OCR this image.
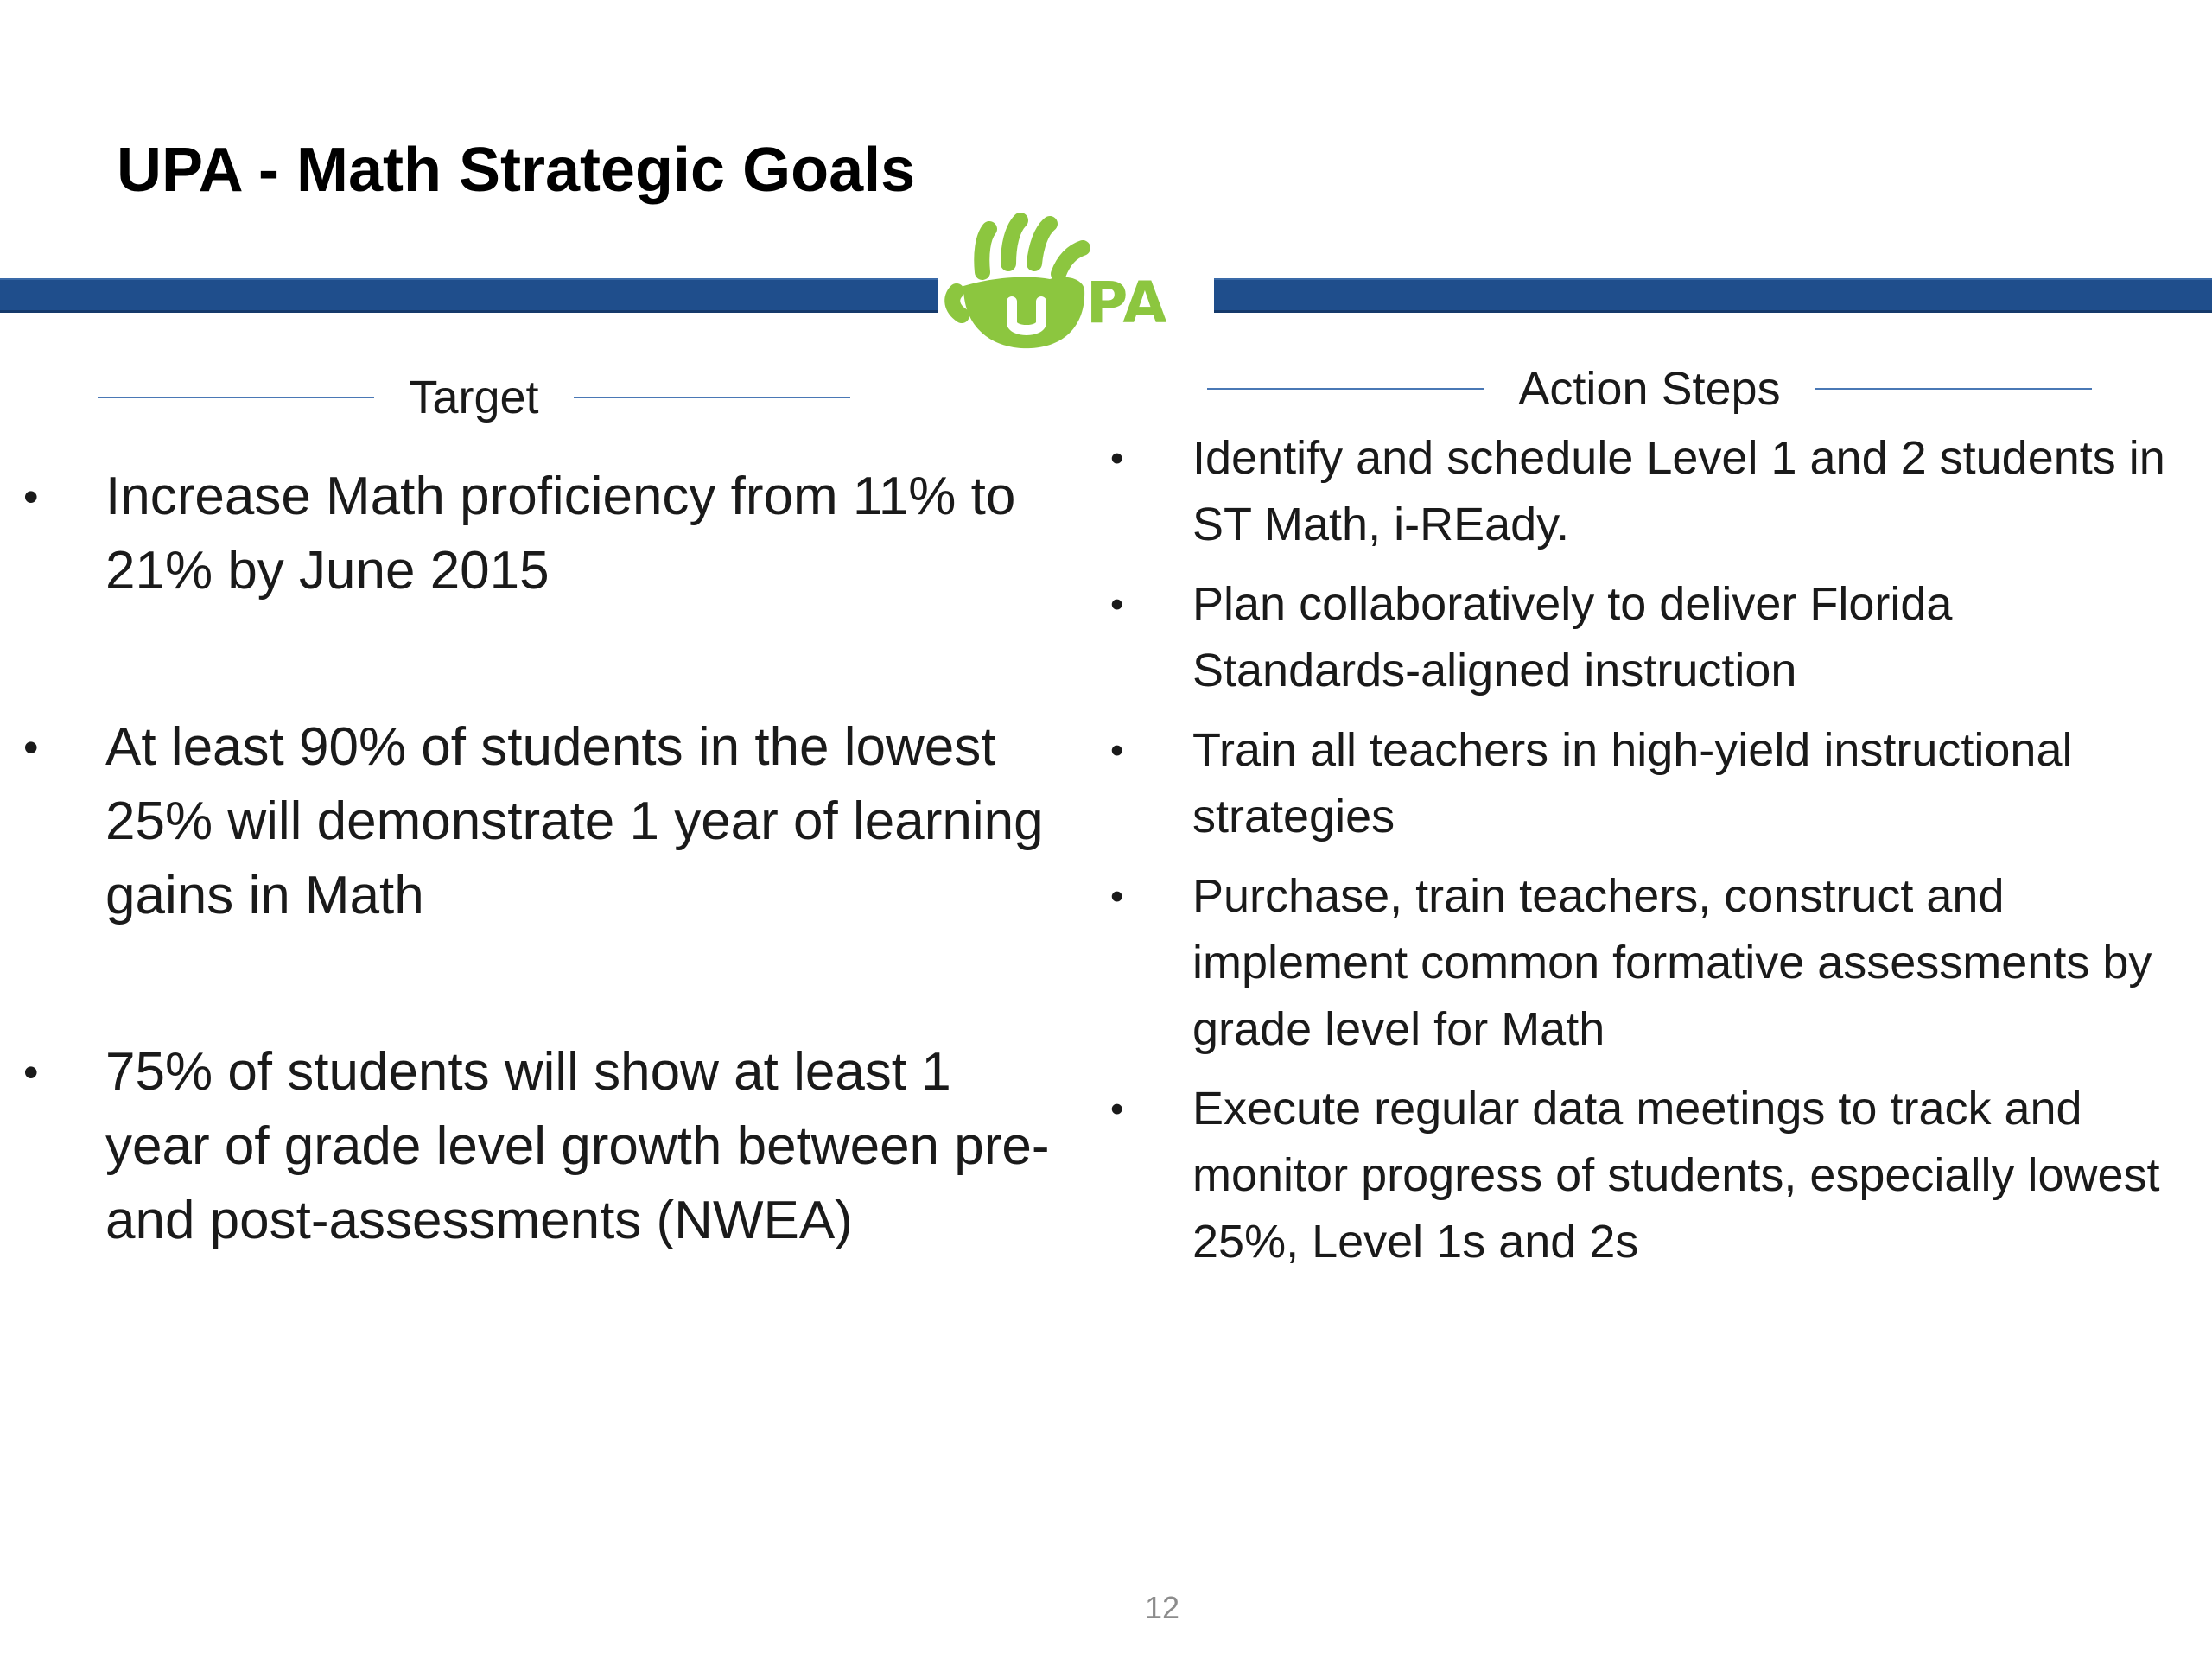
UPA - Math Strategic Goals
PA
Target	Action Steps
• Increase Math proficiency from 11% to 21% by June 2015
• At least 90% of students in the lowest 25% will demonstrate 1 year of learning gains in Math
• 75% of students will show at least 1 year of grade level growth between pre-and post-assessments (NWEA)
• Identify and schedule Level 1 and 2 students in ST Math, i-REady.
• Plan collaboratively to deliver Florida Standards-aligned instruction
• Train all teachers in high-yield instructional strategies
• Purchase, train teachers, construct and implement common formative assessments by grade level for Math
• Execute regular data meetings to track and monitor progress of students, especially lowest 25%, Level 1s and 2s
12
